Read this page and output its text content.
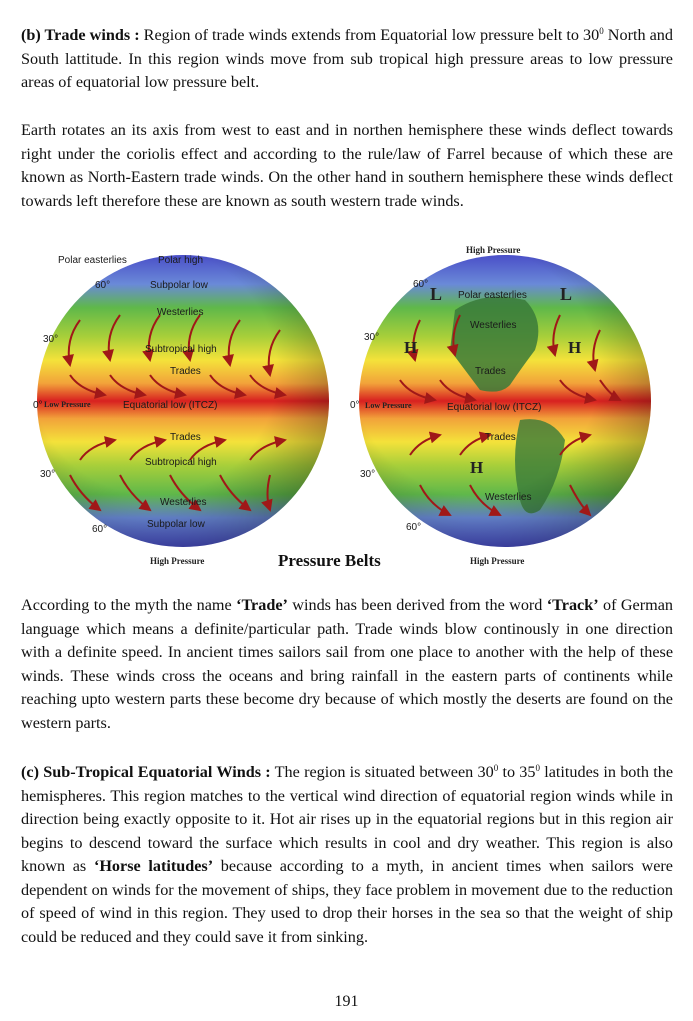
(b) Trade winds : Region of trade winds extends from Equatorial low pressure belt to $30^0$ North and South lattitude. In this region winds move from sub tropical high pressure areas to low pressure areas of equatorial low pressure belt.

Earth rotates an its axis from west to east and in northen hemisphere these winds deflect towards right under the coriolis effect and according to the rule/law of Farrel because of which these are known as North-Eastern trade winds. On the other hand in southern hemisphere these winds deflect towards left therefore these are known as south western trade winds.

Polar easterlies	Polar high
60°
30°
0°
30°
60°
Subpolar low
Westerlies
Subtropical high
Trades
Equatorial low (ITCZ)
Trades
Subtropical high
Westerlies
Subpolar low
Low Pressure
High Pressure
High Pressure
60°
30°
0°
30°
60°
Polar easterlies
Westerlies
Trades
Equatorial low (ITCZ)
Trades
Westerlies
Low Pressure
L	L
H	H
H
High Pressure
Pressure Belts

According to the myth the name ‘Trade’ winds has been derived from the word ‘Track’ of German language which means a definite/particular path. Trade winds blow continously in one direction with a definite speed. In ancient times sailors sail from one place to another with the help of these winds. These winds cross the oceans and bring rainfall in the eastern parts of continents while reaching upto western parts these become dry because of which mostly the deserts are found on the western parts.

(c) Sub-Tropical Equatorial Winds : The region is situated between $30^0$ to $35^0$ latitudes in both the hemispheres. This region matches to the vertical wind direction of equatorial region winds while in direction being exactly opposite to it. Hot air rises up in the equatorial regions but in this region air begins to descend toward the surface which results in cool and dry weather. This region is also known as ‘Horse latitudes’ because according to a myth, in ancient times when sailors were dependent on winds for the movement of ships, they face problem in movement due to the reduction of speed of wind in this region. They used to drop their horses in the sea so that the weight of ship could be reduced and they could save it from sinking.

191
